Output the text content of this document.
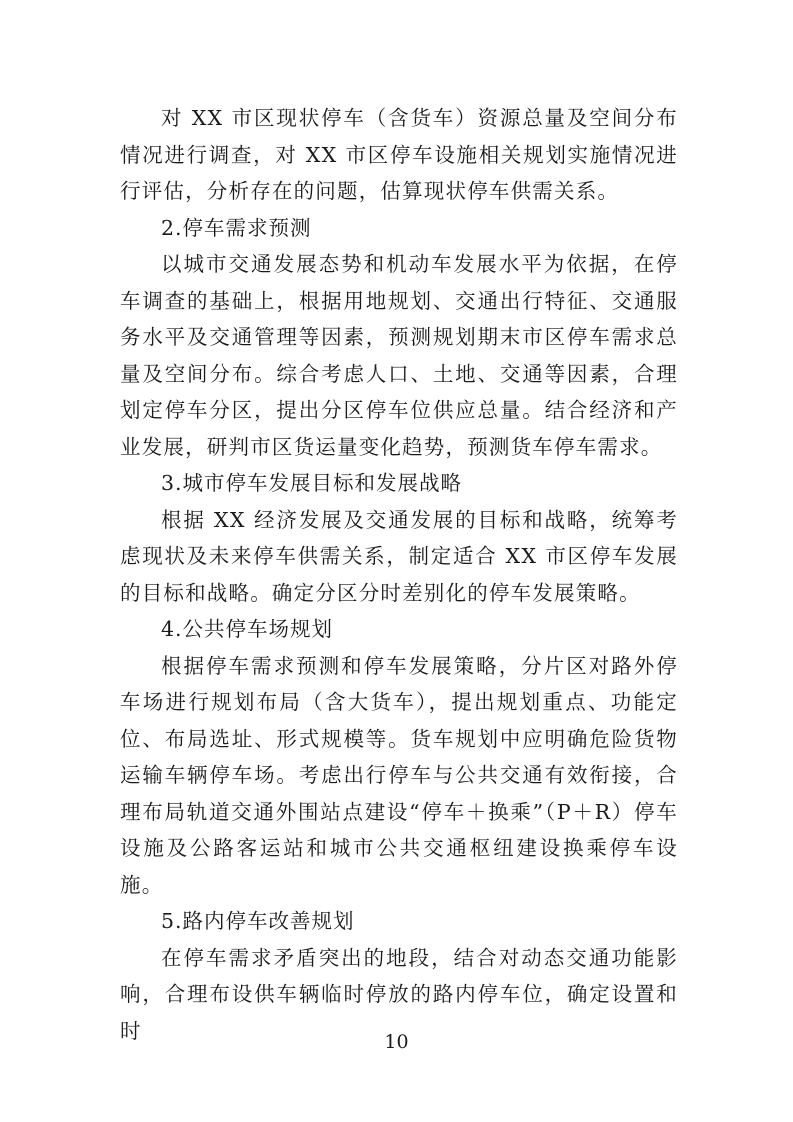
对 XX 市区现状停车（含货车）资源总量及空间分布情况进行调查，对 XX 市区停车设施相关规划实施情况进行评估，分析存在的问题，估算现状停车供需关系。

2.停车需求预测

以城市交通发展态势和机动车发展水平为依据，在停车调查的基础上，根据用地规划、交通出行特征、交通服务水平及交通管理等因素，预测规划期末市区停车需求总量及空间分布。综合考虑人口、土地、交通等因素，合理划定停车分区，提出分区停车位供应总量。结合经济和产业发展，研判市区货运量变化趋势，预测货车停车需求。

3.城市停车发展目标和发展战略

根据 XX 经济发展及交通发展的目标和战略，统筹考虑现状及未来停车供需关系，制定适合 XX 市区停车发展的目标和战略。确定分区分时差别化的停车发展策略。

4.公共停车场规划

根据停车需求预测和停车发展策略，分片区对路外停车场进行规划布局（含大货车），提出规划重点、功能定位、布局选址、形式规模等。货车规划中应明确危险货物运输车辆停车场。考虑出行停车与公共交通有效衔接，合理布局轨道交通外围站点建设“停车＋换乘”（P＋R）停车设施及公路客运站和城市公共交通枢纽建设换乘停车设施。

5.路内停车改善规划

在停车需求矛盾突出的地段，结合对动态交通功能影响，合理布设供车辆临时停放的路内停车位，确定设置和时	10
